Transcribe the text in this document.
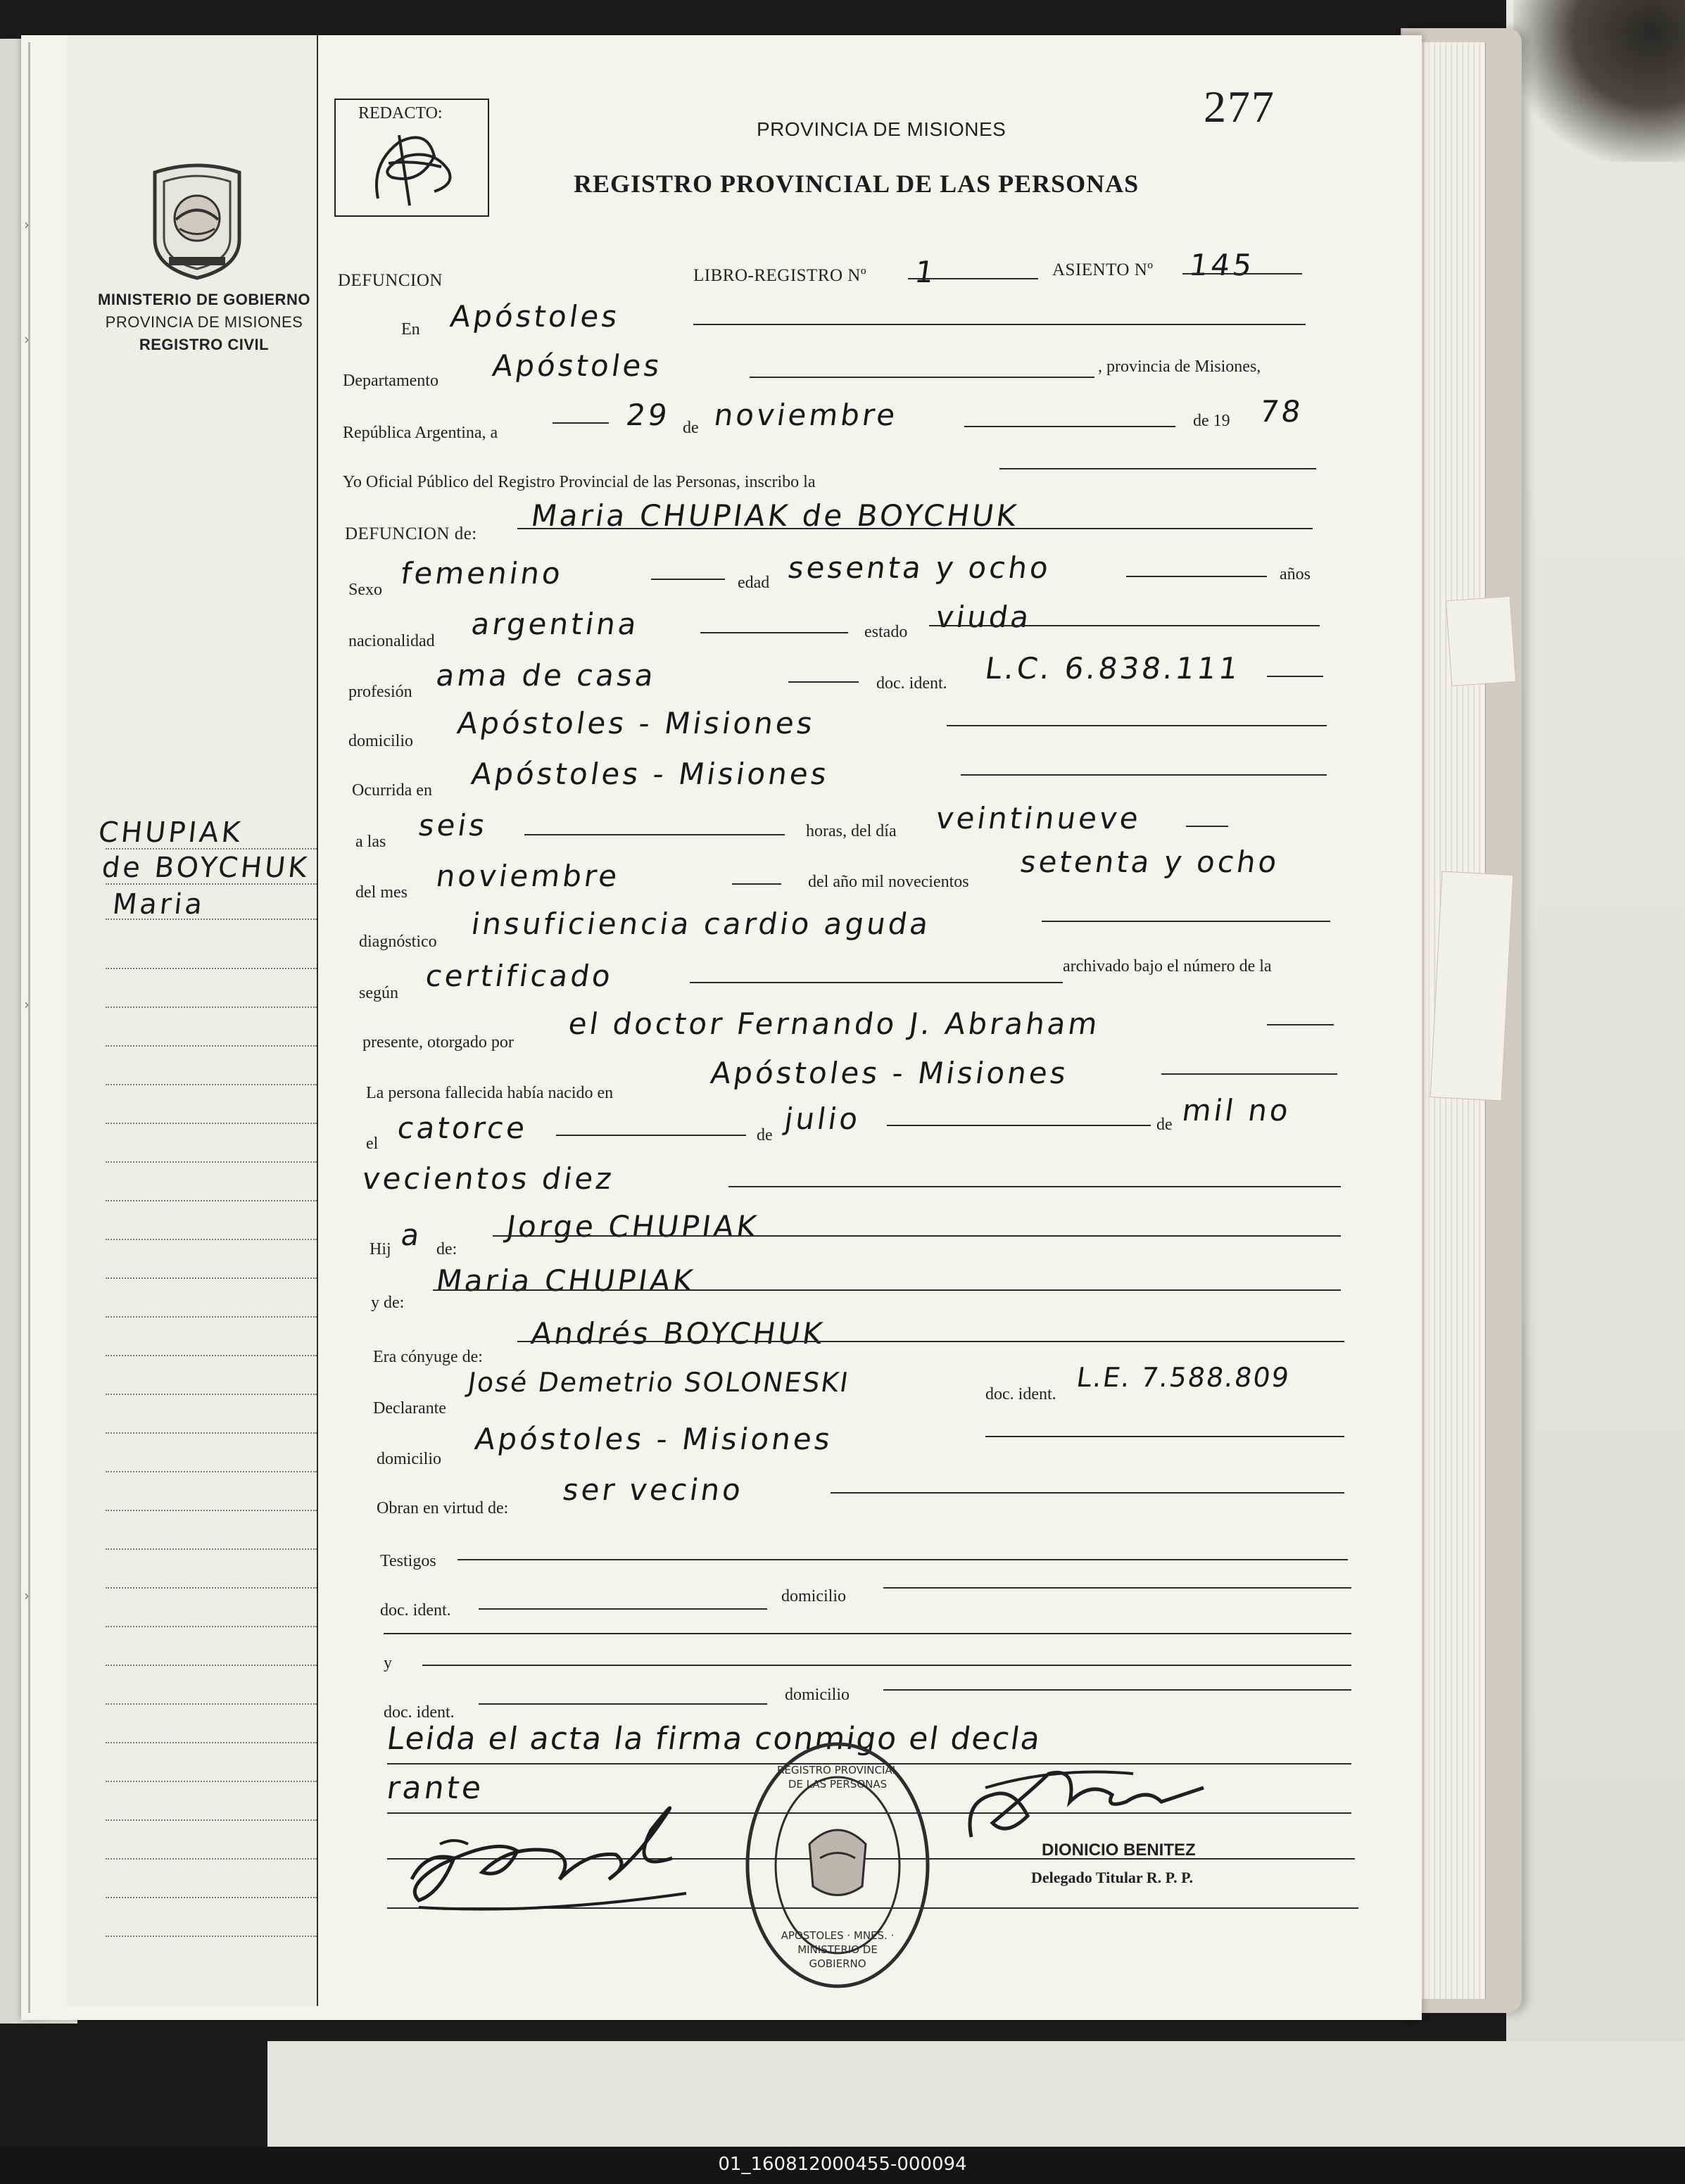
›
›
›
›
MINISTERIO DE GOBIERNO
PROVINCIA DE MISIONES
REGISTRO CIVIL
CHUPIAK
de BOYCHUK
Maria
REDACTO:	277
PROVINCIA DE MISIONES
REGISTRO PROVINCIAL DE LAS PERSONAS
DEFUNCION	LIBRO-REGISTRO Nº 1	ASIENTO Nº 145
En Apóstoles
Departamento Apóstoles	, provincia de Misiones,
República Argentina, a
29 de noviembre	de 19 78
Yo Oficial Público del Registro Provincial de las Personas, inscribo la
DEFUNCION de:
Maria CHUPIAK de BOYCHUK
Sexo femenino	edad sesenta y ocho	años
nacionalidad argentina	estado viuda
profesión ama de casa	doc. ident. L.C. 6.838.111
domicilio
Apóstoles - Misiones
Ocurrida en Apóstoles - Misiones
a las seis	horas, del día veintinueve
del mes noviembre	del año mil novecientos
setenta y ocho
diagnóstico
insuficiencia cardio aguda
según certificado	archivado bajo el número de la
presente, otorgado por
el doctor Fernando J. Abraham
La persona fallecida había nacido en
Apóstoles - Misiones
el catorce	de julio	de mil no
vecientos diez
Hij a de:
Jorge CHUPIAK
y de:
Maria CHUPIAK
Era cónyuge de:
Andrés BOYCHUK
Declarante
José Demetrio SOLONESKI	doc. ident.
L.E. 7.588.809
domicilio
Apóstoles - Misiones
Obran en virtud de:
ser vecino
Testigos
doc. ident.
domicilio
y
doc. ident.
domicilio
Leida el acta la firma conmigo el decla
rante	REGISTRO PROVINCIAL DE LAS PERSONAS
APOSTOLES · MNES. · MINISTERIO DE GOBIERNO
DIONICIO BENITEZ
Delegado Titular R. P. P.
01_160812000455-000094
